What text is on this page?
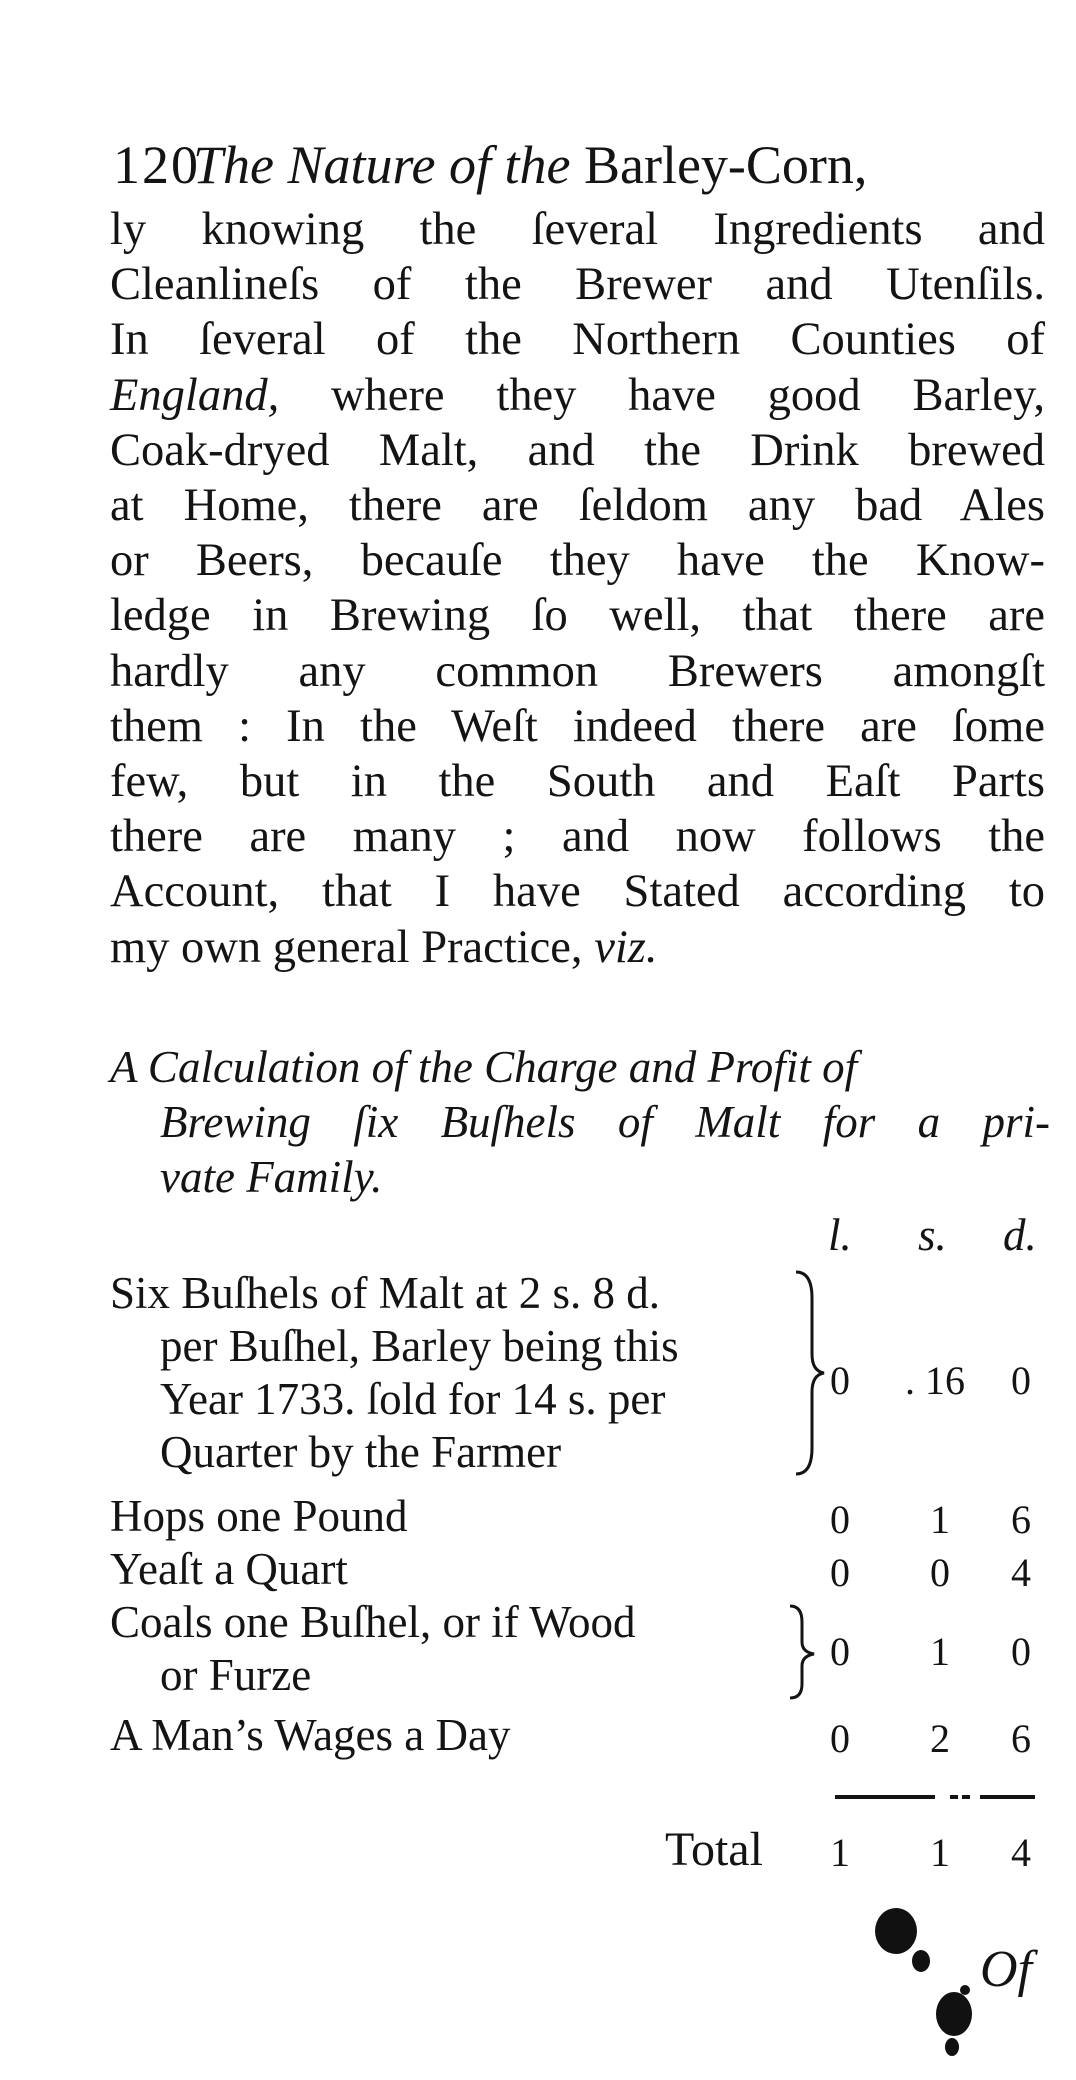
120
The Nature of the Barley-Corn,
ly knowing the ſeveral Ingredients and
Cleanlineſs of the Brewer and Utenſils.
In ſeveral of the Northern Counties of
England, where they have good Barley,
Coak-dryed Malt, and the Drink brewed
at Home, there are ſeldom any bad Ales
or Beers, becauſe they have the Know-
ledge in Brewing ſo well, that there are
hardly any common Brewers amongſt
them : In the Weſt indeed there are ſome
few, but in the South and Eaſt Parts
there are many ; and now follows the
Account, that I have Stated according to
my own general Practice, viz.
A Calculation of the Charge and Profit of
Brewing ſix Buſhels of Malt for a pri-
vate Family.
l. s. d.
Six Buſhels of Malt at 2 s. 8 d.
per Buſhel, Barley being this
Year 1733. ſold for 14 s. per
Quarter by the Farmer
0	. 16	0
Hops one Pound	0	1	6
Yeaſt a Quart	0	0	4
Coals one Buſhel, or if Wood
or Furze	0	1	0
A Man’s Wages a Day	0	2	6
Total	1	1	4
Of
